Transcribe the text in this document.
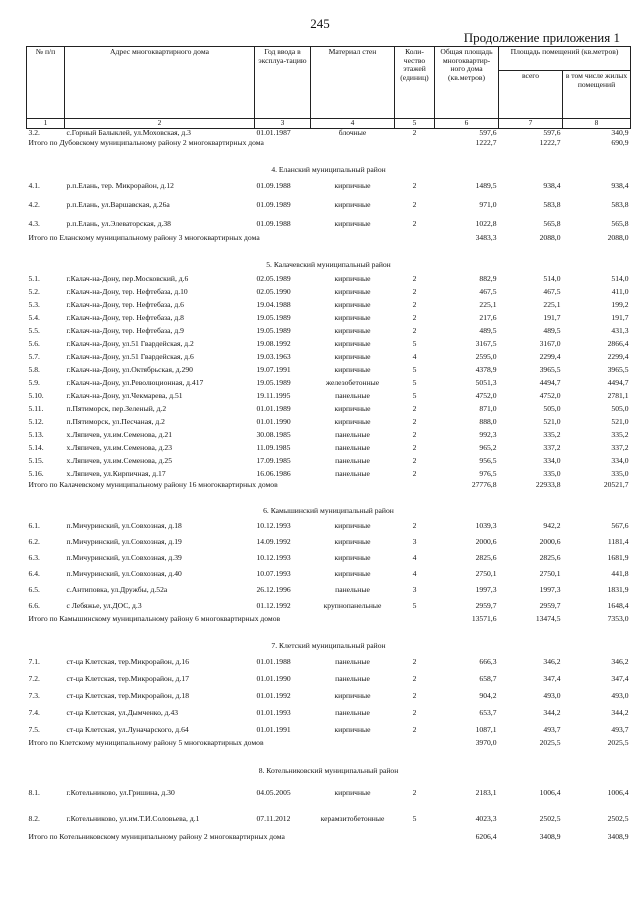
245
Продолжение приложения 1
№ п/п	Адрес многоквартирного дома	Год ввода в эксплуа-тацию	Материал стен	Коли-чество этажей (единиц)	Общая площадь многоквартир-ного дома (кв.метров)	Площадь помещений (кв.метров)	
						всего	в том числе жилых помещений
1	2	3	4	5	6	7	8
3.2.	с.Горный Балыклей, ул.Моховская, д.3	01.01.1987	блочные	2	597,6	597,6	340,9
Итого по Дубовскому муниципальному району 2 многоквартирных дома					1222,7	1222,7	690,9
4. Еланский муниципальный район							
4.1.	р.п.Елань, тер. Микрорайон, д.12	01.09.1988	кирпичные	2	1489,5	938,4	938,4
4.2.	р.п.Елань, ул.Варшавская, д.26а	01.09.1989	кирпичные	2	971,0	583,8	583,8
4.3.	р.п.Елань, ул.Элеваторская, д.38	01.09.1988	кирпичные	2	1022,8	565,8	565,8
Итого по Еланскому муниципальному району 3 многоквартирных дома					3483,3	2088,0	2088,0
5. Калачевский муниципальный район							
5.1.	г.Калач-на-Дону, пер.Московский, д.6	02.05.1989	кирпичные	2	882,9	514,0	514,0
5.2.	г.Калач-на-Дону, тер. Нефтебаза, д.10	02.05.1990	кирпичные	2	467,5	467,5	411,0
5.3.	г.Калач-на-Дону, тер. Нефтебаза, д.6	19.04.1988	кирпичные	2	225,1	225,1	199,2
5.4.	г.Калач-на-Дону, тер. Нефтебаза, д.8	19.05.1989	кирпичные	2	217,6	191,7	191,7
5.5.	г.Калач-на-Дону, тер. Нефтебаза, д.9	19.05.1989	кирпичные	2	489,5	489,5	431,3
5.6.	г.Калач-на-Дону, ул.51 Гвардейская, д.2	19.08.1992	кирпичные	5	3167,5	3167,0	2866,4
5.7.	г.Калач-на-Дону, ул.51 Гвардейская, д.6	19.03.1963	кирпичные	4	2595,0	2299,4	2299,4
5.8.	г.Калач-на-Дону, ул.Октябрьская, д.290	19.07.1991	кирпичные	5	4378,9	3965,5	3965,5
5.9.	г.Калач-на-Дону, ул.Революционная, д.417	19.05.1989	железобетонные	5	5051,3	4494,7	4494,7
5.10.	г.Калач-на-Дону, ул.Чекмарева, д.51	19.11.1995	панельные	5	4752,0	4752,0	2781,1
5.11.	п.Пятиморск, пер.Зеленый, д.2	01.01.1989	кирпичные	2	871,0	505,0	505,0
5.12.	п.Пятиморск, ул.Песчаная, д.2	01.01.1990	кирпичные	2	888,0	521,0	521,0
5.13.	х.Ляпичев, ул.им.Семенова, д.21	30.08.1985	панельные	2	992,3	335,2	335,2
5.14.	х.Ляпичев, ул.им.Семенова, д.23	11.09.1985	панельные	2	965,2	337,2	337,2
5.15.	х.Ляпичев, ул.им.Семенова, д.25	17.09.1985	панельные	2	956,5	334,0	334,0
5.16.	х.Ляпичев, ул.Кирпичная, д.17	16.06.1986	панельные	2	976,5	335,0	335,0
Итого по Калачевскому муниципальному району 16 многоквартирных домов					27776,8	22933,8	20521,7
6. Камышинский муниципальный район							
6.1.	п.Мичуринский, ул.Совхозная, д.18	10.12.1993	кирпичные	2	1039,3	942,2	567,6
6.2.	п.Мичуринский, ул.Совхозная, д.19	14.09.1992	кирпичные	3	2000,6	2000,6	1181,4
6.3.	п.Мичуринский, ул.Совхозная, д.39	10.12.1993	кирпичные	4	2825,6	2825,6	1681,9
6.4.	п.Мичуринский, ул.Совхозная, д.40	10.07.1993	кирпичные	4	2750,1	2750,1	441,8
6.5.	с.Антиповка, ул.Дружбы, д.52а	26.12.1996	панельные	3	1997,3	1997,3	1831,9
6.6.	с Лебяжье, ул.ДОС, д.3	01.12.1992	крупнопанельные	5	2959,7	2959,7	1648,4
Итого по Камышинскому муниципальному району 6 многоквартирных домов					13571,6	13474,5	7353,0
7. Клетский муниципальный район							
7.1.	ст-ца Клетская, тер.Микрорайон, д.16	01.01.1988	панельные	2	666,3	346,2	346,2
7.2.	ст-ца Клетская, тер.Микрорайон, д.17	01.01.1990	панельные	2	658,7	347,4	347,4
7.3.	ст-ца Клетская, тер.Микрорайон, д.18	01.01.1992	кирпичные	2	904,2	493,0	493,0
7.4.	ст-ца Клетская, ул.Дымченко, д.43	01.01.1993	панельные	2	653,7	344,2	344,2
7.5.	ст-ца Клетская, ул.Луначарского, д.64	01.01.1991	кирпичные	2	1087,1	493,7	493,7
Итого по Клетскому муниципальному району 5 многоквартирных домов					3970,0	2025,5	2025,5
8. Котельниковский муниципальный район							
8.1.	г.Котельниково, ул.Гришина, д.30	04.05.2005	кирпичные	2	2183,1	1006,4	1006,4
8.2.	г.Котельниково, ул.им.Т.И.Соловьева, д.1	07.11.2012	керамзитобетонные	5	4023,3	2502,5	2502,5
Итого по Котельниковскому муниципальному району 2 многоквартирных дома					6206,4	3408,9	3408,9
